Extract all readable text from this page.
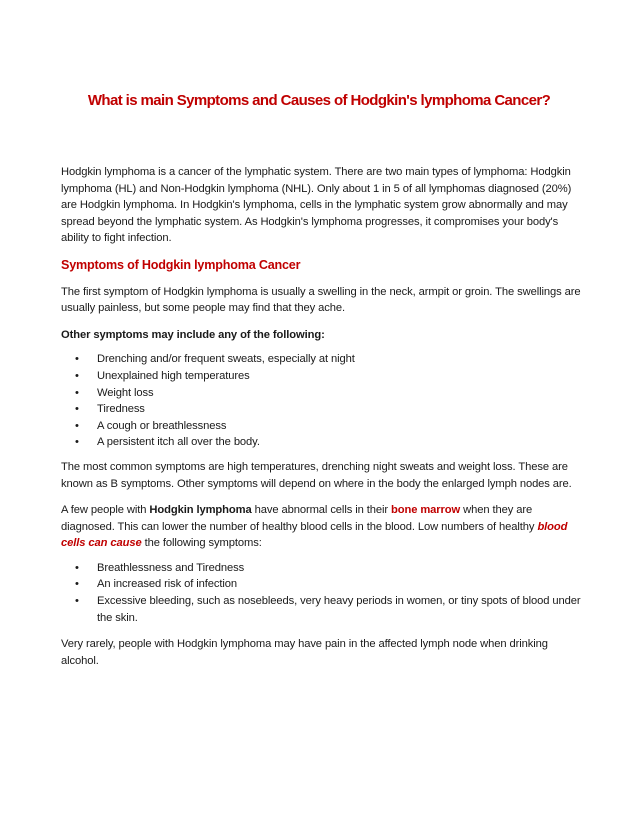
What is main Symptoms and Causes of Hodgkin's lymphoma Cancer?

Hodgkin lymphoma is a cancer of the lymphatic system. There are two main types of lymphoma: Hodgkin lymphoma (HL) and Non-Hodgkin lymphoma (NHL). Only about 1 in 5 of all lymphomas diagnosed (20%) are Hodgkin lymphoma. In Hodgkin's lymphoma, cells in the lymphatic system grow abnormally and may spread beyond the lymphatic system. As Hodgkin's lymphoma progresses, it compromises your body's ability to fight infection.

Symptoms of Hodgkin lymphoma Cancer

The first symptom of Hodgkin lymphoma is usually a swelling in the neck, armpit or groin. The swellings are usually painless, but some people may find that they ache.

Other symptoms may include any of the following:

• Drenching and/or frequent sweats, especially at night
• Unexplained high temperatures
• Weight loss
• Tiredness
• A cough or breathlessness
• A persistent itch all over the body.

The most common symptoms are high temperatures, drenching night sweats and weight loss. These are known as B symptoms. Other symptoms will depend on where in the body the enlarged lymph nodes are.

A few people with Hodgkin lymphoma have abnormal cells in their bone marrow when they are diagnosed. This can lower the number of healthy blood cells in the blood. Low numbers of healthy blood cells can cause the following symptoms:

• Breathlessness and Tiredness
• An increased risk of infection
• Excessive bleeding, such as nosebleeds, very heavy periods in women, or tiny spots of blood under the skin.

Very rarely, people with Hodgkin lymphoma may have pain in the affected lymph node when drinking alcohol.
